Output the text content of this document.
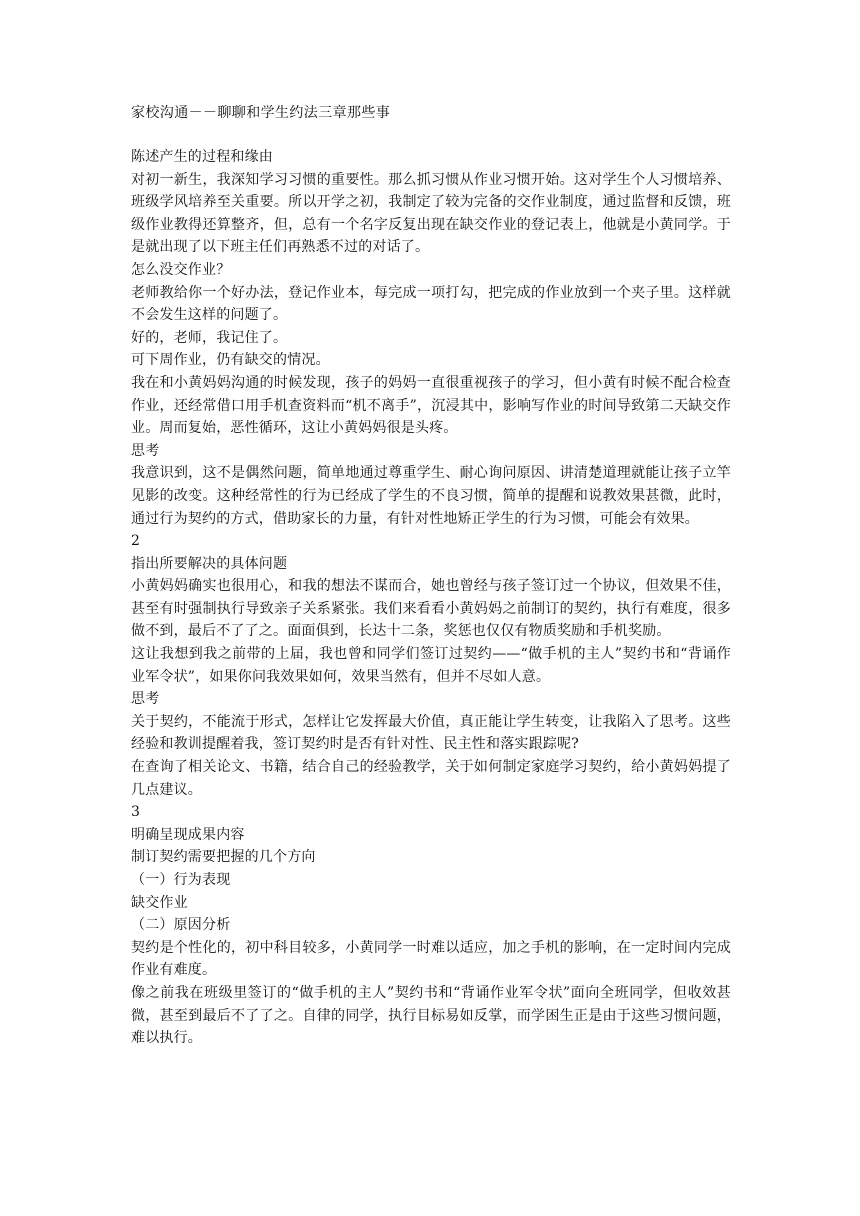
家校沟通－－聊聊和学生约法三章那些事

陈述产生的过程和缘由

对初一新生，我深知学习习惯的重要性。那么抓习惯从作业习惯开始。这对学生个人习惯培养、班级学风培养至关重要。所以开学之初，我制定了较为完备的交作业制度，通过监督和反馈，班级作业教得还算整齐，但，总有一个名字反复出现在缺交作业的登记表上，他就是小黄同学。于是就出现了以下班主任们再熟悉不过的对话了。

怎么没交作业？

老师教给你一个好办法，登记作业本，每完成一项打勾，把完成的作业放到一个夹子里。这样就不会发生这样的问题了。

好的，老师，我记住了。

可下周作业，仍有缺交的情况。

我在和小黄妈妈沟通的时候发现，孩子的妈妈一直很重视孩子的学习，但小黄有时候不配合检查作业，还经常借口用手机查资料而“机不离手”，沉浸其中，影响写作业的时间导致第二天缺交作业。周而复始，恶性循环，这让小黄妈妈很是头疼。

思考

我意识到，这不是偶然问题，简单地通过尊重学生、耐心询问原因、讲清楚道理就能让孩子立竿见影的改变。这种经常性的行为已经成了学生的不良习惯，简单的提醒和说教效果甚微，此时，通过行为契约的方式，借助家长的力量，有针对性地矫正学生的行为习惯，可能会有效果。

2

指出所要解决的具体问题

小黄妈妈确实也很用心，和我的想法不谋而合，她也曾经与孩子签订过一个协议，但效果不佳，甚至有时强制执行导致亲子关系紧张。我们来看看小黄妈妈之前制订的契约，执行有难度，很多做不到，最后不了了之。面面俱到，长达十二条，奖惩也仅仅有物质奖励和手机奖励。

这让我想到我之前带的上届，我也曾和同学们签订过契约——“做手机的主人”契约书和“背诵作业军令状”，如果你问我效果如何，效果当然有，但并不尽如人意。

思考

关于契约，不能流于形式，怎样让它发挥最大价值，真正能让学生转变，让我陷入了思考。这些经验和教训提醒着我，签订契约时是否有针对性、民主性和落实跟踪呢?

在查询了相关论文、书籍，结合自己的经验教学，关于如何制定家庭学习契约，给小黄妈妈提了几点建议。

3

明确呈现成果内容

制订契约需要把握的几个方向

（一）行为表现

缺交作业

（二）原因分析

契约是个性化的，初中科目较多，小黄同学一时难以适应，加之手机的影响，在一定时间内完成作业有难度。

像之前我在班级里签订的“做手机的主人”契约书和“背诵作业军令状”面向全班同学，但收效甚微，甚至到最后不了了之。自律的同学，执行目标易如反掌，而学困生正是由于这些习惯问题，难以执行。
